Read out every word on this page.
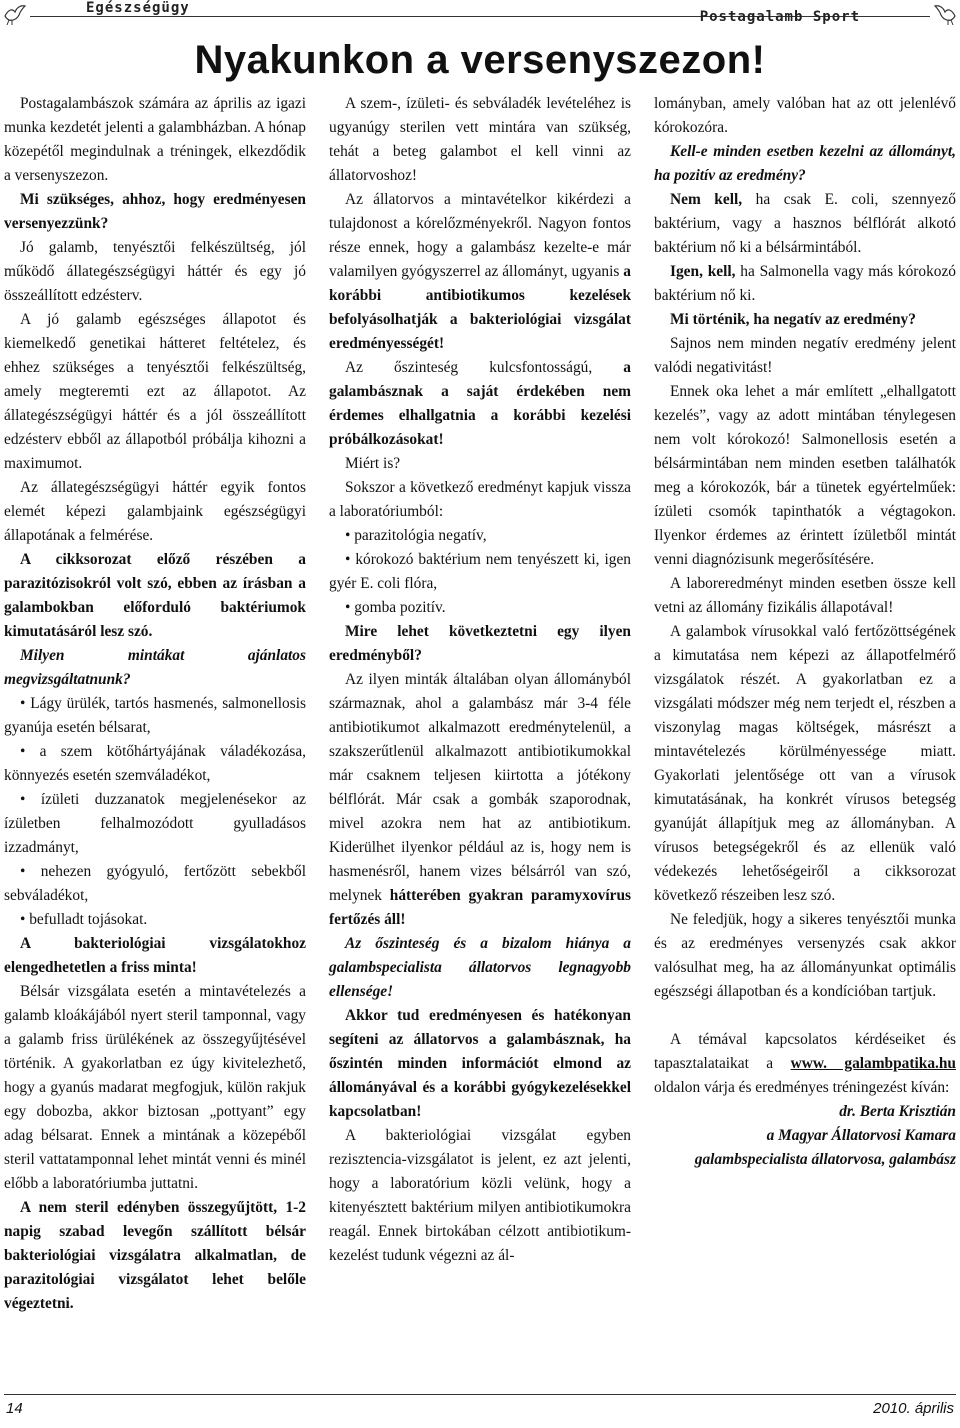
Egészségügy
Postagalamb Sport
Nyakunkon a versenyszezon!

Postagalambászok számára az április az igazi munka kezdetét jelenti a galambházban. A hónap közepétől megindulnak a tréningek, elkezdődik a versenyszezon.

Mi szükséges, ahhoz, hogy eredményesen versenyezzünk?

Jó galamb, tenyésztői felkészültség, jól működő állategészségügyi háttér és egy jó összeállított edzésterv.

A jó galamb egészséges állapotot és kiemelkedő genetikai hátteret feltételez, és ehhez szükséges a tenyésztői felkészültség, amely megteremti ezt az állapotot. Az állategészségügyi háttér és a jól összeállított edzésterv ebből az állapotból próbálja kihozni a maximumot.

Az állategészségügyi háttér egyik fontos elemét képezi galambjaink egészségügyi állapotának a felmérése.

A cikksorozat előző részében a parazitózisokról volt szó, ebben az írásban a galambokban előforduló baktériumok kimutatásáról lesz szó.

Milyen mintákat ajánlatos megvizsgáltatnunk?

• Lágy ürülék, tartós hasmenés, salmonellosis gyanúja esetén bélsarat,

• a szem kötőhártyájának váladékozása, könnyezés esetén szemváladékot,

• ízületi duzzanatok megjelenésekor az ízületben felhalmozódott gyulladásos izzadmányt,

• nehezen gyógyuló, fertőzött sebekből sebváladékot,

• befulladt tojásokat.

A bakteriológiai vizsgálatokhoz elengedhetetlen a friss minta!

Bélsár vizsgálata esetén a mintavételezés a galamb kloákájából nyert steril tamponnal, vagy a galamb friss ürülékének az összegyűjtésével történik. A gyakorlatban ez úgy kivitelezhető, hogy a gyanús madarat megfogjuk, külön rakjuk egy dobozba, akkor biztosan „pottyant” egy adag bélsarat. Ennek a mintának a közepéből steril vattatamponnal lehet mintát venni és minél előbb a laboratóriumba juttatni.

A nem steril edényben összegyűjtött, 1-2 napig szabad levegőn szállított bélsár bakteriológiai vizsgálatra alkalmatlan, de parazitológiai vizsgálatot lehet belőle végeztetni.

A szem-, ízületi- és sebváladék levételéhez is ugyanúgy sterilen vett mintára van szükség, tehát a beteg galambot el kell vinni az állatorvoshoz!

Az állatorvos a mintavételkor kikérdezi a tulajdonost a kórelőzményekről. Nagyon fontos része ennek, hogy a galambász kezelte-e már valamilyen gyógyszerrel az állományt, ugyanis a korábbi antibiotikumos kezelések befolyásolhatják a bakteriológiai vizsgálat eredményességét!

Az őszinteség kulcsfontosságú, a galambásznak a saját érdekében nem érdemes elhallgatnia a korábbi kezelési próbálkozásokat!

Miért is?

Sokszor a következő eredményt kapjuk vissza a laboratóriumból:

• parazitológia negatív,

• kórokozó baktérium nem tenyészett ki, igen gyér E. coli flóra,

• gomba pozitív.

Mire lehet következtetni egy ilyen eredményből?

Az ilyen minták általában olyan állományból származnak, ahol a galambász már 3-4 féle antibiotikumot alkalmazott eredménytelenül, a szakszerűtlenül alkalmazott antibiotikumokkal már csaknem teljesen kiirtotta a jótékony bélflórát. Már csak a gombák szaporodnak, mivel azokra nem hat az antibiotikum. Kiderülhet ilyenkor például az is, hogy nem is hasmenésről, hanem vizes bélsárról van szó, melynek hátterében gyakran paramyxovírus fertőzés áll!

Az őszinteség és a bizalom hiánya a galambspecialista állatorvos legnagyobb ellensége!

Akkor tud eredményesen és hatékonyan segíteni az állatorvos a galambásznak, ha őszintén minden információt elmond az állományával és a korábbi gyógykezelésekkel kapcsolatban!

A bakteriológiai vizsgálat egyben rezisztencia-vizsgálatot is jelent, ez azt jelenti, hogy a laboratórium közli velünk, hogy a kitenyésztett baktérium milyen antibiotikumokra reagál. Ennek birtokában célzott antibiotikum-kezelést tudunk végezni az ál-

lományban, amely valóban hat az ott jelenlévő kórokozóra.

Kell-e minden esetben kezelni az állományt, ha pozitív az eredmény?

Nem kell, ha csak E. coli, szennyező baktérium, vagy a hasznos bélflórát alkotó baktérium nő ki a bélsármintából.

Igen, kell, ha Salmonella vagy más kórokozó baktérium nő ki.

Mi történik, ha negatív az eredmény?

Sajnos nem minden negatív eredmény jelent valódi negativitást!

Ennek oka lehet a már említett „elhallgatott kezelés”, vagy az adott mintában ténylegesen nem volt kórokozó! Salmonellosis esetén a bélsármintában nem minden esetben találhatók meg a kórokozók, bár a tünetek egyértelműek: ízületi csomók tapinthatók a végtagokon. Ilyenkor érdemes az érintett ízületből mintát venni diagnózisunk megerősítésére.

A laboreredményt minden esetben össze kell vetni az állomány fizikális állapotával!

A galambok vírusokkal való fertőzöttségének a kimutatása nem képezi az állapotfelmérő vizsgálatok részét. A gyakorlatban ez a vizsgálati módszer még nem terjedt el, részben a viszonylag magas költségek, másrészt a mintavételezés körülményessége miatt. Gyakorlati jelentősége ott van a vírusok kimutatásának, ha konkrét vírusos betegség gyanúját állapítjuk meg az állományban. A vírusos betegségekről és az ellenük való védekezés lehetőségeiről a cikksorozat következő részeiben lesz szó.

Ne feledjük, hogy a sikeres tenyésztői munka és az eredményes versenyzés csak akkor valósulhat meg, ha az állományunkat optimális egészségi állapotban és a kondícióban tartjuk.

A témával kapcsolatos kérdéseiket és tapasztalataikat a www. galambpatika.hu oldalon várja és eredményes tréningezést kíván:

dr. Berta Krisztián

a Magyar Állatorvosi Kamara galambspecialista állatorvosa, galambász

14	2010. április
